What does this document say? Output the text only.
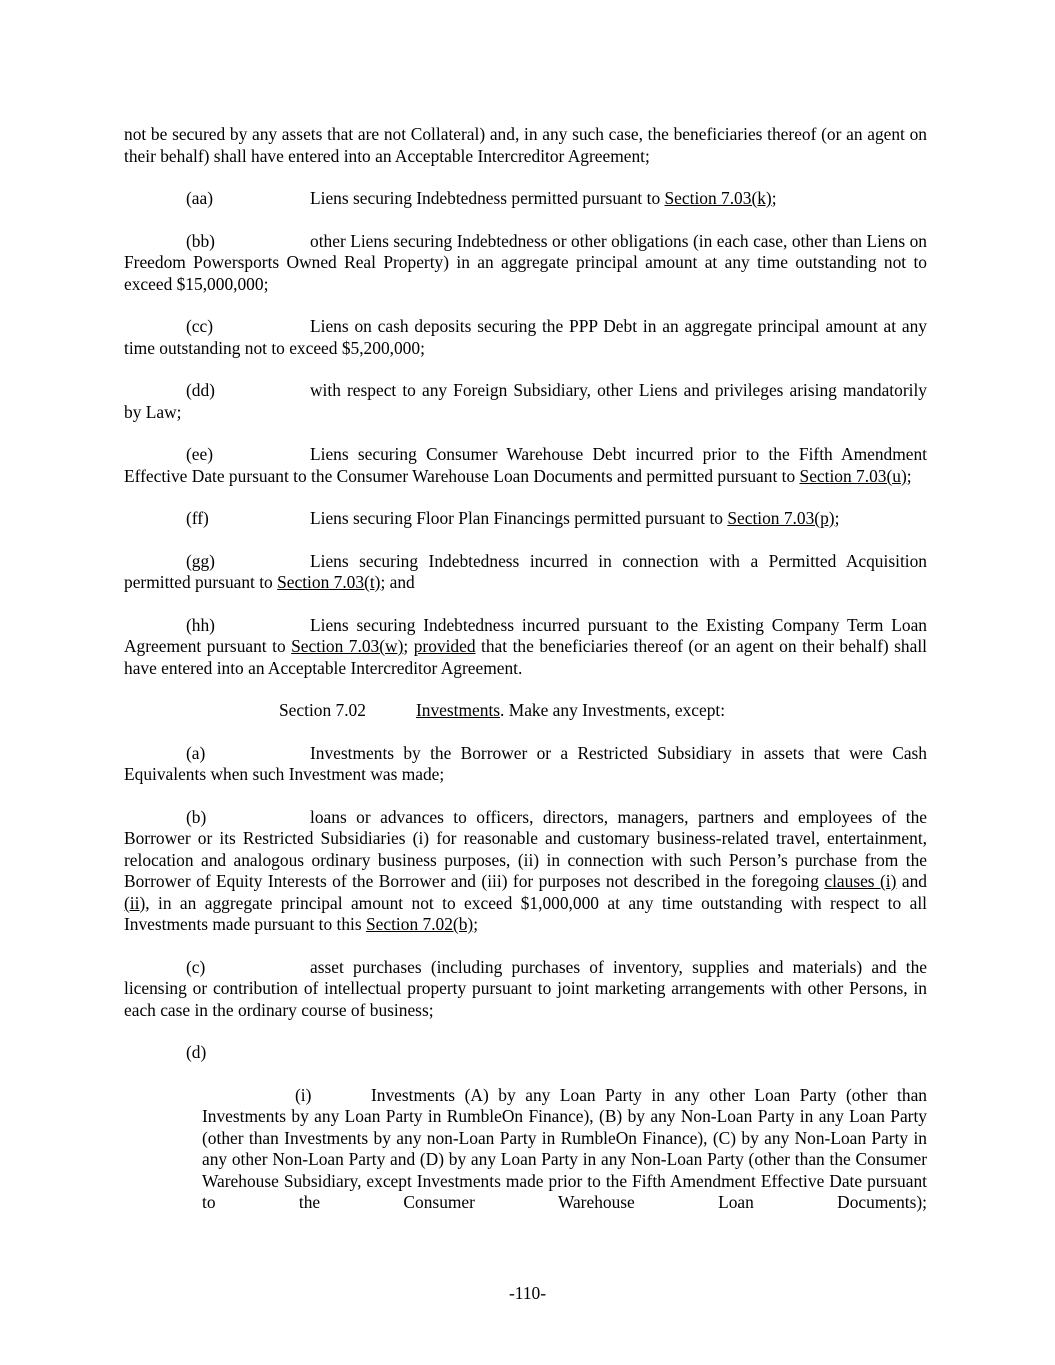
not be secured by any assets that are not Collateral) and, in any such case, the beneficiaries thereof (or an agent on their behalf) shall have entered into an Acceptable Intercreditor Agreement;

(aa)	Liens securing Indebtedness permitted pursuant to Section 7.03(k);

(bb)	other Liens securing Indebtedness or other obligations (in each case, other than Liens on Freedom Powersports Owned Real Property) in an aggregate principal amount at any time outstanding not to exceed $15,000,000;

(cc)	Liens on cash deposits securing the PPP Debt in an aggregate principal amount at any time outstanding not to exceed $5,200,000;

(dd)	with respect to any Foreign Subsidiary, other Liens and privileges arising mandatorily by Law;

(ee)	Liens securing Consumer Warehouse Debt incurred prior to the Fifth Amendment Effective Date pursuant to the Consumer Warehouse Loan Documents and permitted pursuant to Section 7.03(u);

(ff)	Liens securing Floor Plan Financings permitted pursuant to Section 7.03(p);

(gg)	Liens securing Indebtedness incurred in connection with a Permitted Acquisition permitted pursuant to Section 7.03(t); and

(hh)	Liens securing Indebtedness incurred pursuant to the Existing Company Term Loan Agreement pursuant to Section 7.03(w); provided that the beneficiaries thereof (or an agent on their behalf) shall have entered into an Acceptable Intercreditor Agreement.

Section 7.02	Investments. Make any Investments, except:

(a)	Investments by the Borrower or a Restricted Subsidiary in assets that were Cash Equivalents when such Investment was made;

(b)	loans or advances to officers, directors, managers, partners and employees of the Borrower or its Restricted Subsidiaries (i) for reasonable and customary business-related travel, entertainment, relocation and analogous ordinary business purposes, (ii) in connection with such Person’s purchase from the Borrower of Equity Interests of the Borrower and (iii) for purposes not described in the foregoing clauses (i) and (ii), in an aggregate principal amount not to exceed $1,000,000 at any time outstanding with respect to all Investments made pursuant to this Section 7.02(b);

(c)	asset purchases (including purchases of inventory, supplies and materials) and the licensing or contribution of intellectual property pursuant to joint marketing arrangements with other Persons, in each case in the ordinary course of business;

(d)

(i)	Investments (A) by any Loan Party in any other Loan Party (other than Investments by any Loan Party in RumbleOn Finance), (B) by any Non-Loan Party in any Loan Party (other than Investments by any non-Loan Party in RumbleOn Finance), (C) by any Non-Loan Party in any other Non-Loan Party and (D) by any Loan Party in any Non-Loan Party (other than the Consumer Warehouse Subsidiary, except Investments made prior to the Fifth Amendment Effective Date pursuant to the Consumer Warehouse Loan Documents);

-110-
